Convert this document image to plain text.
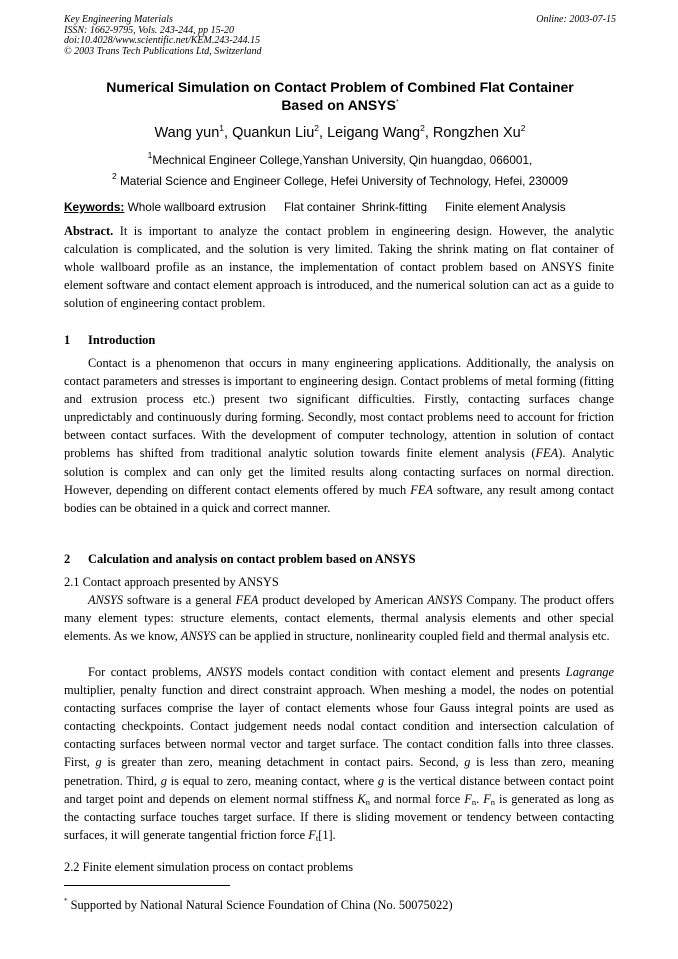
Key Engineering Materials
ISSN: 1662-9795, Vols. 243-244, pp 15-20
doi:10.4028/www.scientific.net/KEM.243-244.15
© 2003 Trans Tech Publications Ltd, Switzerland
Online: 2003-07-15
Numerical Simulation on Contact Problem of Combined Flat Container
Based on ANSYS*
Wang yun$^1$, Quankun Liu$^2$, Leigang Wang$^2$, Rongzhen Xu$^2$
$^1$Mechnical Engineer College,Yanshan University, Qin huangdao, 066001,
$^2$ Material Science and Engineer College, Hefei University of Technology, Hefei, 230009
Keywords: Whole wallboard extrusion Flat container Shrink-fitting Finite element Analysis

Abstract. It is important to analyze the contact problem in engineering design. However, the analytic calculation is complicated, and the solution is very limited. Taking the shrink mating on flat container of whole wallboard profile as an instance, the implementation of contact problem based on ANSYS finite element software and contact element approach is introduced, and the numerical solution can act as a guide to solution of engineering contact problem.

1 Introduction

Contact is a phenomenon that occurs in many engineering applications. Additionally, the analysis on contact parameters and stresses is important to engineering design. Contact problems of metal forming (fitting and extrusion process etc.) present two significant difficulties. Firstly, contacting surfaces change unpredictably and continuously during forming. Secondly, most contact problems need to account for friction between contact surfaces. With the development of computer technology, attention in solution of contact problems has shifted from traditional analytic solution towards finite element analysis (FEA). Analytic solution is complex and can only get the limited results along contacting surfaces on normal direction. However, depending on different contact elements offered by much FEA software, any result among contact bodies can be obtained in a quick and correct manner.

2 Calculation and analysis on contact problem based on ANSYS
2.1 Contact approach presented by ANSYS

ANSYS software is a general FEA product developed by American ANSYS Company. The product offers many element types: structure elements, contact elements, thermal analysis elements and other special elements. As we know, ANSYS can be applied in structure, nonlinearity coupled field and thermal analysis etc.

For contact problems, ANSYS models contact condition with contact element and presents Lagrange multiplier, penalty function and direct constraint approach. When meshing a model, the nodes on potential contacting surfaces comprise the layer of contact elements whose four Gauss integral points are used as contacting checkpoints. Contact judgement needs nodal contact condition and intersection calculation of contacting surfaces between normal vector and target surface. The contact condition falls into three classes. First, g is greater than zero, meaning detachment in contact pairs. Second, g is less than zero, meaning penetration. Third, g is equal to zero, meaning contact, where g is the vertical distance between contact point and target point and depends on element normal stiffness $K_n$ and normal force $F_n$. $F_n$ is generated as long as the contacting surface touches target surface. If there is sliding movement or tendency between contacting surfaces, it will generate tangential friction force $F_t[1]$.

2.2 Finite element simulation process on contact problems
* Supported by National Natural Science Foundation of China (No. 50075022)
